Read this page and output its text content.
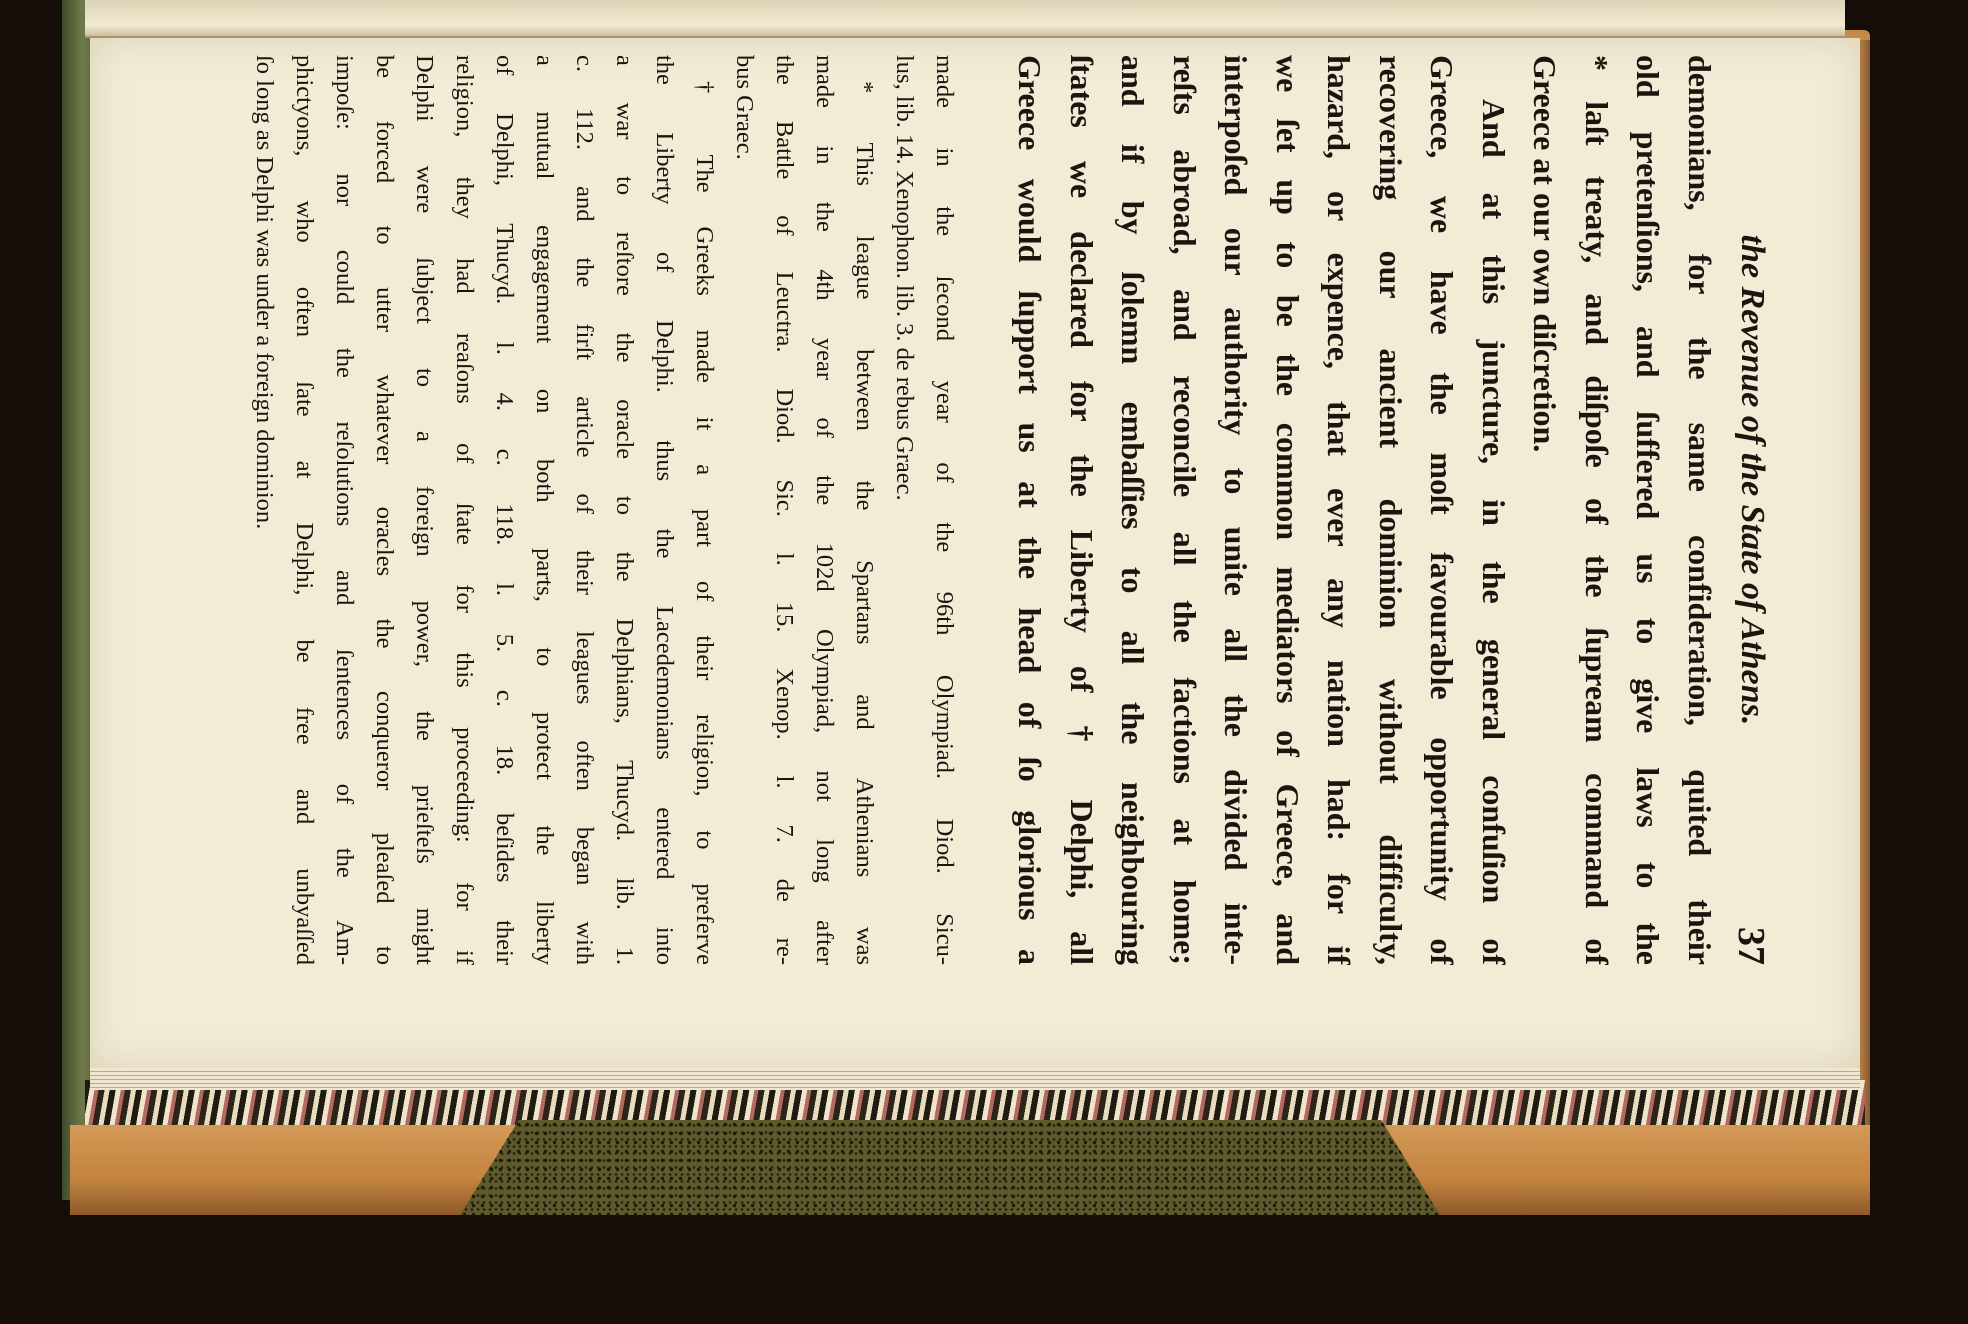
the Revenue of the State of Athens.
37
demonians, for the same confideration, quited their
old pretenſions, and ſuffered us to give laws to the
* laſt treaty, and diſpoſe of the ſupream command of
Greece at our own diſcretion.
And at this juncture, in the general confuſion of
Greece, we have the moſt favourable opportunity of
recovering our ancient dominion without difficulty,
hazard, or expence, that ever any nation had: for if
we ſet up to be the common mediators of Greece, and
interpoſed our authority to unite all the divided inte-
reſts abroad, and reconcile all the factions at home;
and if by ſolemn embaſſies to all the neighbouring
ſtates we declared for the Liberty of † Delphi, all
Greece would ſupport us at the head of ſo glorious a
made in the ſecond year of the 96th Olympiad. Diod. Sicu-
lus, lib. 14. Xenophon. lib. 3. de rebus Graec.
* This league between the Spartans and Athenians was
made in the 4th year of the 102d Olympiad, not long after
the Battle of Leuctra. Diod. Sic. l. 15. Xenop. l. 7. de re-
bus Graec.
† The Greeks made it a part of their religion, to preferve
the Liberty of Delphi. thus the Lacedemonians entered into
a war to reſtore the oracle to the Delphians, Thucyd. lib. 1.
c. 112. and the firſt article of their leagues often began with
a mutual engagement on both parts, to protect the liberty
of Delphi, Thucyd. l. 4. c. 118. l. 5. c. 18. beſides their
religion, they had reaſons of ſtate for this proceeding: for if
Delphi were ſubject to a foreign power, the prieſteſs might
be forced to utter whatever oracles the conqueror pleaſed to
impoſe: nor could the reſolutions and ſentences of the Am-
phictyons, who often ſate at Delphi, be free and unbyaſſed
ſo long as Delphi was under a foreign dominion.
